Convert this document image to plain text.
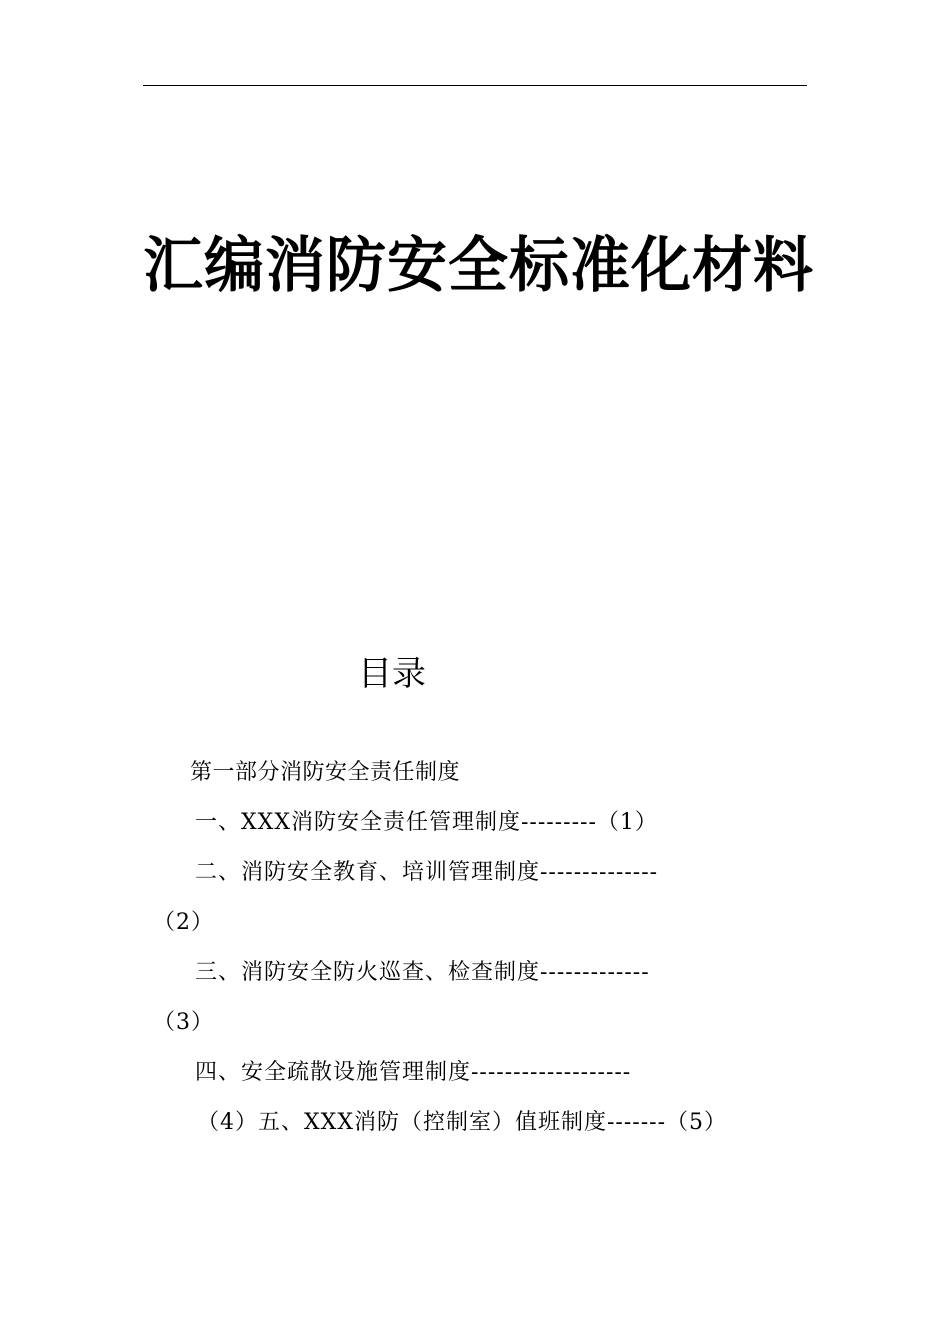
汇编消防安全标准化材料
目录

第一部分消防安全责任制度

一、XXX消防安全责任管理制度---------（1）

二、消防安全教育、培训管理制度--------------

（2）

三、消防安全防火巡查、检查制度-------------

（3）

四、安全疏散设施管理制度-------------------

（4）五、XXX消防（控制室）值班制度-------（5）
